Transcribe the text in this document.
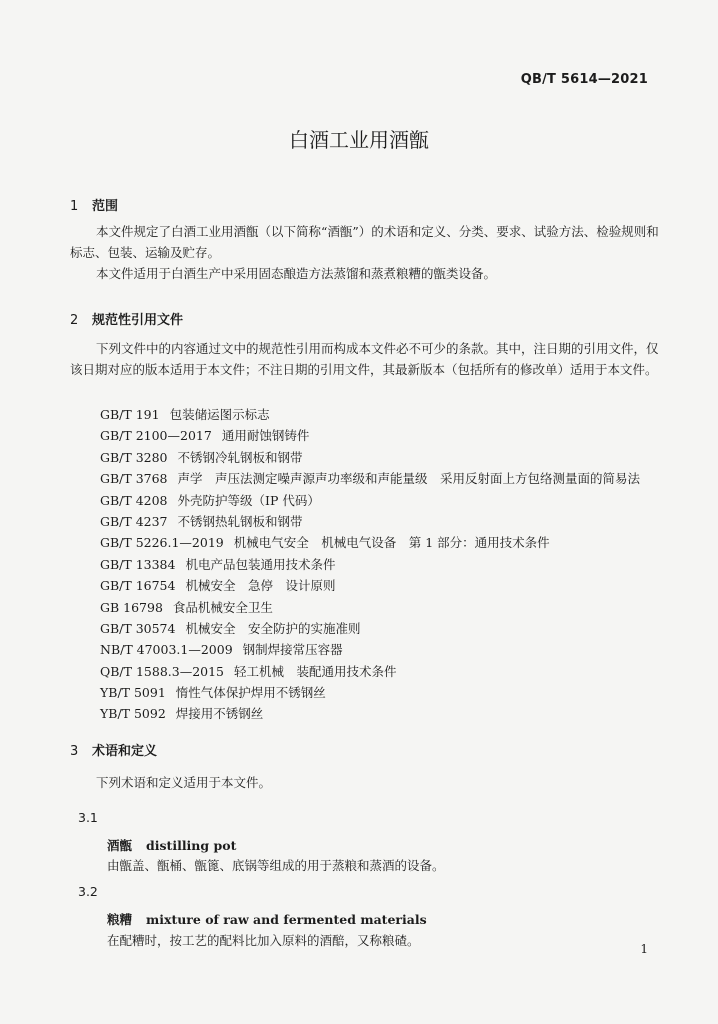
QB/T 5614—2021
白酒工业用酒甑
1 范围
本文件规定了白酒工业用酒甑（以下简称“酒甑”）的术语和定义、分类、要求、试验方法、检验规则和标志、包装、运输及贮存。
本文件适用于白酒生产中采用固态酿造方法蒸馏和蒸煮粮糟的甑类设备。
2 规范性引用文件
下列文件中的内容通过文中的规范性引用而构成本文件必不可少的条款。其中，注日期的引用文件，仅该日期对应的版本适用于本文件；不注日期的引用文件，其最新版本（包括所有的修改单）适用于本文件。
GB/T 191 包装储运图示标志
GB/T 2100—2017 通用耐蚀钢铸件
GB/T 3280 不锈钢冷轧钢板和钢带
GB/T 3768 声学　声压法测定噪声源声功率级和声能量级　采用反射面上方包络测量面的简易法
GB/T 4208 外壳防护等级（IP 代码）
GB/T 4237 不锈钢热轧钢板和钢带
GB/T 5226.1—2019 机械电气安全　机械电气设备　第 1 部分：通用技术条件
GB/T 13384 机电产品包装通用技术条件
GB/T 16754 机械安全　急停　设计原则
GB 16798 食品机械安全卫生
GB/T 30574 机械安全　安全防护的实施准则
NB/T 47003.1—2009 钢制焊接常压容器
QB/T 1588.3—2015 轻工机械　装配通用技术条件
YB/T 5091 惰性气体保护焊用不锈钢丝
YB/T 5092 焊接用不锈钢丝
3 术语和定义
下列术语和定义适用于本文件。
3.1
酒甑 distilling pot
由甑盖、甑桶、甑篦、底锅等组成的用于蒸粮和蒸酒的设备。
3.2
粮糟 mixture of raw and fermented materials
在配糟时，按工艺的配料比加入原料的酒醅，又称粮碴。
1
